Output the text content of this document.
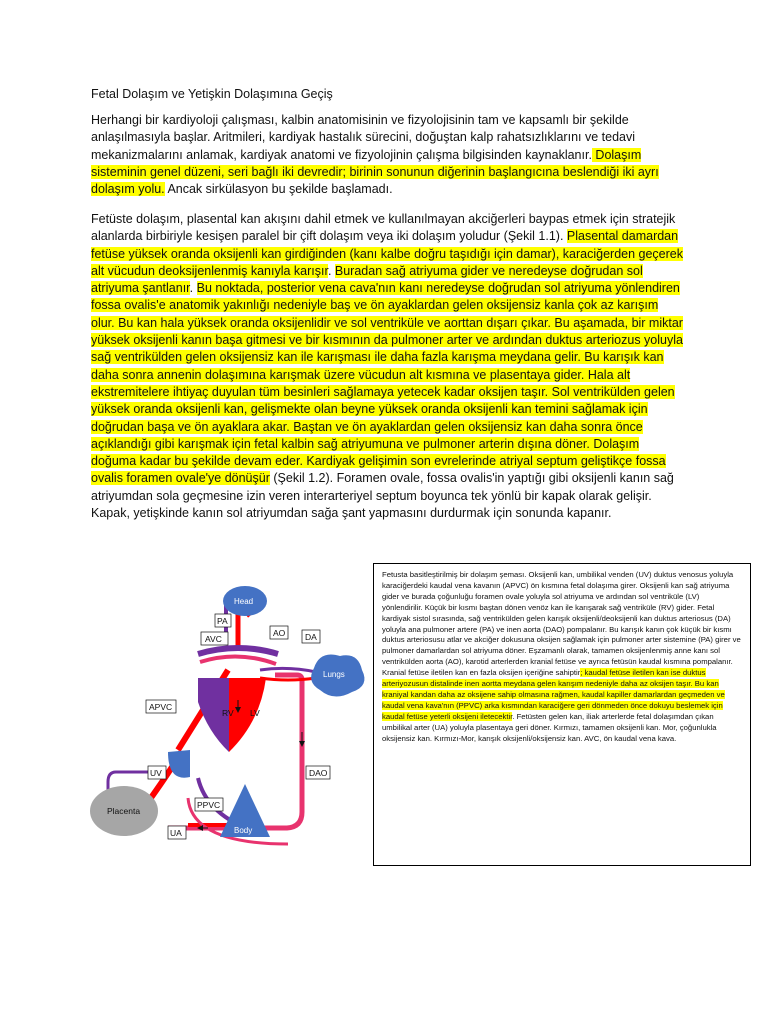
Fetal Dolaşım ve Yetişkin Dolaşımına Geçiş

Herhangi bir kardiyoloji çalışması, kalbin anatomisinin ve fizyolojisinin tam ve kapsamlı bir şekilde anlaşılmasıyla başlar. Aritmileri, kardiyak hastalık sürecini, doğuştan kalp rahatsızlıklarını ve tedavi mekanizmalarını anlamak, kardiyak anatomi ve fizyolojinin çalışma bilgisinden kaynaklanır. Dolaşım sisteminin genel düzeni, seri bağlı iki devredir; birinin sonunun diğerinin başlangıcına beslendiği iki ayrı dolaşım yolu. Ancak sirkülasyon bu şekilde başlamadı.

Fetüste dolaşım, plasental kan akışını dahil etmek ve kullanılmayan akciğerleri baypas etmek için stratejik alanlarda birbiriyle kesişen paralel bir çift dolaşım veya iki dolaşım yoludur (Şekil 1.1). Plasental damardan fetüse yüksek oranda oksijenli kan girdiğinden (kanı kalbe doğru taşıdığı için damar), karaciğerden geçerek alt vücudun deoksijenlenmiş kanıyla karışır. Buradan sağ atriyuma gider ve neredeyse doğrudan sol atriyuma şantlanır. Bu noktada, posterior vena cava'nın kanı neredeyse doğrudan sol atriyuma yönlendiren fossa ovalis'e anatomik yakınlığı nedeniyle baş ve ön ayaklardan gelen oksijensiz kanla çok az karışım olur. Bu kan hala yüksek oranda oksijenlidir ve sol ventriküle ve aorttan dışarı çıkar. Bu aşamada, bir miktar yüksek oksijenli kanın başa gitmesi ve bir kısmının da pulmoner arter ve ardından duktus arteriozus yoluyla sağ ventrikülden gelen oksijensiz kan ile karışması ile daha fazla karışma meydana gelir. Bu karışık kan daha sonra annenin dolaşımına karışmak üzere vücudun alt kısmına ve plasentaya gider. Hala alt ekstremitelere ihtiyaç duyulan tüm besinleri sağlamaya yetecek kadar oksijen taşır. Sol ventrikülden gelen yüksek oranda oksijenli kan, gelişmekte olan beyne yüksek oranda oksijenli kan temini sağlamak için doğrudan başa ve ön ayaklara akar. Baştan ve ön ayaklardan gelen oksijensiz kan daha sonra önce açıklandığı gibi karışmak için fetal kalbin sağ atriyumuna ve pulmoner arterin dışına döner. Dolaşım doğuma kadar bu şekilde devam eder. Kardiyak gelişimin son evrelerinde atriyal septum geliştikçe fossa ovalis foramen ovale'ye dönüşür (Şekil 1.2). Foramen ovale, fossa ovalis'in yaptığı gibi oksijenli kanın sağ atriyumdan sola geçmesine izin veren interarteriyel septum boyunca tek yönlü bir kapak olarak gelişir. Kapak, yetişkinde kanın sol atriyumdan sağa şant yapmasını durdurmak için sonunda kapanır.

Head
Lungs
Body
Placenta
RV LV
PA
AVC
AO DA
APVC
UV
PPVC
UA
DAO
Fetusta basitleştirilmiş bir dolaşım şeması. Oksijenli kan, umbilikal venden (UV) duktus venosus yoluyla karaciğerdeki kaudal vena kavanın (APVC) ön kısmına fetal dolaşıma girer. Oksijenli kan sağ atriyuma gider ve burada çoğunluğu foramen ovale yoluyla sol atriyuma ve ardından sol ventriküle (LV) yönlendirilir. Küçük bir kısmı baştan dönen venöz kan ile karışarak sağ ventriküle (RV) gider. Fetal kardiyak sistol sırasında, sağ ventrikülden gelen karışık oksijenli/deoksijenli kan duktus arteriosus (DA) yoluyla ana pulmoner artere (PA) ve inen aorta (DAO) pompalanır. Bu karışık kanın çok küçük bir kısmı duktus arteriosusu atlar ve akciğer dokusuna oksijen sağlamak için pulmoner arter sistemine (PA) girer ve pulmoner damarlardan sol atriyuma döner. Eşzamanlı olarak, tamamen oksijenlenmiş anne kanı sol ventrikülden aorta (AO), karotid arterlerden kranial fetüse ve ayrıca fetüsün kaudal kısmına pompalanır. Kranial fetüse iletilen kan en fazla oksijen içeriğine sahiptir; kaudal fetüse iletilen kan ise duktus arteriyozusun distalinde inen aortta meydana gelen karışım nedeniyle daha az oksijen taşır. Bu kan kraniyal kandan daha az oksijene sahip olmasına rağmen, kaudal kapiller damarlardan geçmeden ve kaudal vena kava'nın (PPVC) arka kısmından karaciğere geri dönmeden önce dokuyu beslemek için kaudal fetüse yeterli oksijeni iletecektir. Fetüsten gelen kan, iliak arterlerde fetal dolaşımdan çıkan umbilikal arter (UA) yoluyla plasentaya geri döner. Kırmızı, tamamen oksijenli kan. Mor, çoğunlukla oksijensiz kan. Kırmızı-Mor, karışık oksijenli/oksijensiz kan. AVC, ön kaudal vena kava.
